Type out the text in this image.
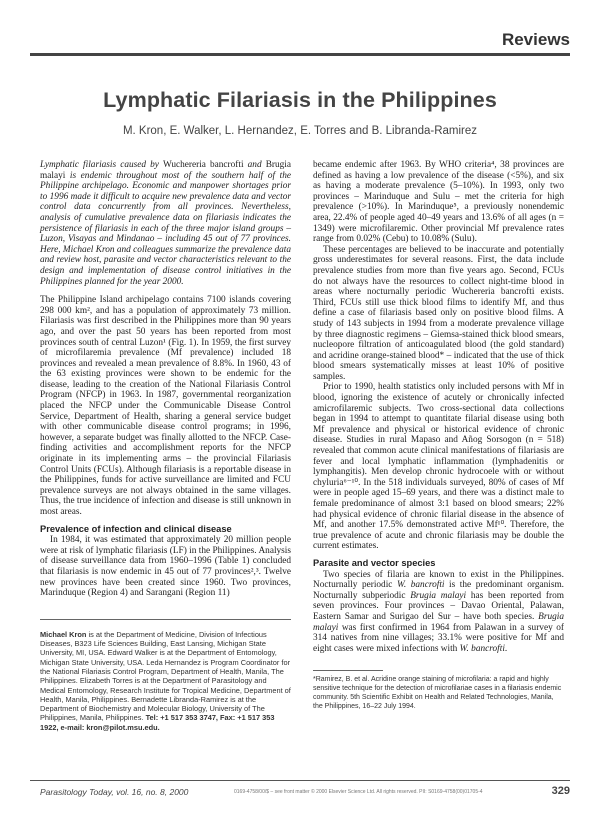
Reviews
Lymphatic Filariasis in the Philippines
M. Kron, E. Walker, L. Hernandez, E. Torres and B. Libranda-Ramirez

Lymphatic filariasis caused by Wuchereria bancrofti and Brugia malayi is endemic throughout most of the southern half of the Philippine archipelago. Economic and manpower shortages prior to 1996 made it difficult to acquire new prevalence data and vector control data concurrently from all provinces. Nevertheless, analysis of cumulative prevalence data on filariasis indicates the persistence of filariasis in each of the three major island groups – Luzon, Visayas and Mindanao – including 45 out of 77 provinces. Here, Michael Kron and colleagues summarize the prevalence data and review host, parasite and vector characteristics relevant to the design and implementation of disease control initiatives in the Philippines planned for the year 2000.

The Philippine Island archipelago contains 7100 islands covering 298 000 km², and has a population of approximately 73 million. Filariasis was first described in the Philippines more than 90 years ago, and over the past 50 years has been reported from most provinces south of central Luzon¹ (Fig. 1). In 1959, the first survey of microfilaremia prevalence (Mf prevalence) included 18 provinces and revealed a mean prevalence of 8.8%. In 1960, 43 of the 63 existing provinces were shown to be endemic for the disease, leading to the creation of the National Filariasis Control Program (NFCP) in 1963. In 1987, governmental reorganization placed the NFCP under the Communicable Disease Control Service, Department of Health, sharing a general service budget with other communicable disease control programs; in 1996, however, a separate budget was finally allotted to the NFCP. Case-finding activities and accomplishment reports for the NFCP originate in its implementing arms – the provincial Filariasis Control Units (FCUs). Although filariasis is a reportable disease in the Philippines, funds for active surveillance are limited and FCU prevalence surveys are not always obtained in the same villages. Thus, the true incidence of infection and disease is still unknown in most areas.

Prevalence of infection and clinical disease

In 1984, it was estimated that approximately 20 million people were at risk of lymphatic filariasis (LF) in the Philippines. Analysis of disease surveillance data from 1960–1996 (Table 1) concluded that filariasis is now endemic in 45 out of 77 provinces²,³. Twelve new provinces have been created since 1960. Two provinces, Marinduque (Region 4) and Sarangani (Region 11)

Michael Kron is at the Department of Medicine, Division of Infectious Diseases, B323 Life Sciences Building, East Lansing, Michigan State University, MI, USA. Edward Walker is at the Department of Entomology, Michigan State University, USA. Leda Hernandez is Program Coordinator for the National Filariasis Control Program, Department of Health, Manila, The Philippines. Elizabeth Torres is at the Department of Parasitology and Medical Entomology, Research Institute for Tropical Medicine, Department of Health, Manila, Philippines. Bernadette Libranda-Ramirez is at the Department of Biochemistry and Molecular Biology, University of The Philippines, Manila, Philippines. Tel: +1 517 353 3747, Fax: +1 517 353 1922, e-mail: kron@pilot.msu.edu.

became endemic after 1963. By WHO criteria⁴, 38 provinces are defined as having a low prevalence of the disease (<5%), and six as having a moderate prevalence (5–10%). In 1993, only two provinces – Marinduque and Sulu – met the criteria for high prevalence (>10%). In Marinduque⁵, a previously nonendemic area, 22.4% of people aged 40–49 years and 13.6% of all ages (n = 1349) were microfilaremic. Other provincial Mf prevalence rates range from 0.02% (Cebu) to 10.08% (Sulu).

These percentages are believed to be inaccurate and potentially gross underestimates for several reasons. First, the data include prevalence studies from more than five years ago. Second, FCUs do not always have the resources to collect night-time blood in areas where nocturnally periodic Wuchereria bancrofti exists. Third, FCUs still use thick blood films to identify Mf, and thus define a case of filariasis based only on positive blood films. A study of 143 subjects in 1994 from a moderate prevalence village by three diagnostic regimens – Giemsa-stained thick blood smears, nucleopore filtration of anticoagulated blood (the gold standard) and acridine orange-stained blood* – indicated that the use of thick blood smears systematically misses at least 10% of positive samples.

Prior to 1990, health statistics only included persons with Mf in blood, ignoring the existence of acutely or chronically infected amicrofilaremic subjects. Two cross-sectional data collections began in 1994 to attempt to quantitate filarial disease using both Mf prevalence and physical or historical evidence of chronic disease. Studies in rural Mapaso and Añog Sorsogon (n = 518) revealed that common acute clinical manifestations of filariasis are fever and local lymphatic inflammation (lymphadenitis or lymphangitis). Men develop chronic hydrocoele with or without chyluria⁶⁻¹⁰. In the 518 individuals surveyed, 80% of cases of Mf were in people aged 15–69 years, and there was a distinct male to female predominance of almost 3:1 based on blood smears; 22% had physical evidence of chronic filarial disease in the absence of Mf, and another 17.5% demonstrated active Mf¹⁰. Therefore, the true prevalence of acute and chronic filariasis may be double the current estimates.

Parasite and vector species

Two species of filaria are known to exist in the Philippines. Nocturnally periodic W. bancrofti is the predominant organism. Nocturnally subperiodic Brugia malayi has been reported from seven provinces. Four provinces – Davao Oriental, Palawan, Eastern Samar and Surigao del Sur – have both species. Brugia malayi was first confirmed in 1964 from Palawan in a survey of 314 natives from nine villages; 33.1% were positive for Mf and eight cases were mixed infections with W. bancrofti.

*Ramirez, B. et al. Acridine orange staining of microfilaria: a rapid and highly sensitive technique for the detection of microfilariae cases in a filariasis endemic community. 5th Scientific Exhibit on Health and Related Technologies, Manila, the Philippines, 16–22 July 1994.

Parasitology Today, vol. 16, no. 8, 2000	0169-4758/00/$ – see front matter © 2000 Elsevier Science Ltd. All rights reserved. PII: S0169-4758(00)01705-4	329
